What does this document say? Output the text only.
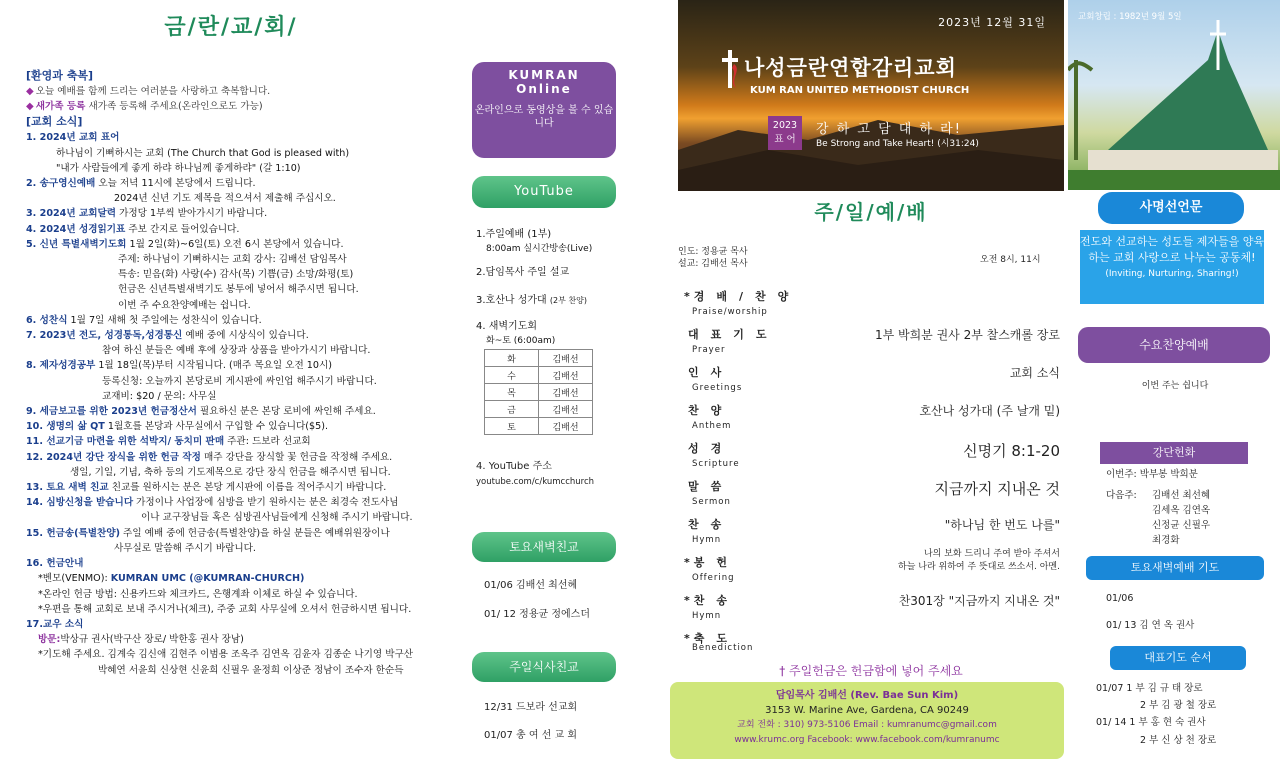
금/란/교/회/
[환영과 축복]
◆ 오늘 예배를 함께 드리는 여러분을 사랑하고 축복합니다.
◆ 새가족 등록 새가족 등록해 주세요(온라인으로도 가능)
[교회 소식]
1. 2024년 교회 표어
하나님이 기뻐하시는 교회 (The Church that God is pleased with)
"내가 사람들에게 좋게 하랴 하나님께 좋게하랴" (갈 1:10)
2. 송구영신예배 오늘 저녁 11시에 본당에서 드립니다.
2024년 신년 기도 제목을 적으셔서 제출해 주십시오.
3. 2024년 교회달력 가정당 1부씩 받아가시기 바랍니다.
4. 2024년 성경읽기표 주보 간지로 들어있습니다.
5. 신년 특별새벽기도회 1월 2일(화)~6일(토) 오전 6시 본당에서 있습니다.
주제: 하나님이 기뻐하시는 교회 강사: 김배선 담임목사
특송: 믿음(화) 사랑(수) 감사(목) 기쁨(금) 소망/화평(토)
헌금은 신년특별새벽기도 봉투에 넣어서 해주시면 됩니다.
이번 주 수요찬양예배는 쉽니다.
6. 성찬식 1월 7일 새해 첫 주일에는 성찬식이 있습니다.
7. 2023년 전도, 성경통독,성경통신 예배 중에 시상식이 있습니다.
참여 하신 분들은 예배 후에 상장과 상품을 받아가시기 바랍니다.
8. 제자성경공부 1월 18일(목)부터 시작됩니다. (매주 목요일 오전 10시)
등록신청: 오늘까지 본당로비 게시판에 싸인업 해주시기 바랍니다.
교재비: $20 / 문의: 사무실
9. 세금보고를 위한 2023년 헌금정산서 필요하신 분은 본당 로비에 싸인해 주세요.
10. 생명의 삶 QT 1월호를 본당과 사무실에서 구입할 수 있습니다($5).
11. 선교기금 마련을 위한 석박지/ 동치미 판매 주관: 드보라 선교회
12. 2024년 강단 장식을 위한 헌금 작정 매주 강단을 장식할 꽃 헌금을 작정해 주세요.
생일, 기일, 기념, 축하 등의 기도제목으로 강단 장식 헌금을 해주시면 됩니다.
13. 토요 새벽 친교 친교를 원하시는 분은 본당 게시판에 이름을 적어주시기 바랍니다.
14. 심방신청을 받습니다 가정이나 사업장에 심방을 받기 원하시는 분은 최경숙 전도사님
이나 교구장님들 혹은 심방권사님들에게 신청해 주시기 바랍니다.
15. 헌금송(특별찬양) 주일 예배 중에 헌금송(특별찬양)을 하실 분들은 예배위원장이나
사무실로 말씀해 주시기 바랍니다.
16. 헌금안내
*벤모(VENMO): KUMRAN UMC (@KUMRAN-CHURCH)
*온라인 헌금 방법: 신용카드와 체크카드, 은행계좌 이체로 하실 수 있습니다.
*우편을 통해 교회로 보내 주시거나(체크), 주중 교회 사무실에 오셔서 헌금하시면 됩니다.
17.교우 소식
방문:박상규 권사(박구산 장로/ 박한홍 권사 장남)
*기도해 주세요. 김계숙 김신애 김현주 이범용 조옥주 김연옥 김윤자 김종순 나기영 박구산
박혜연 서윤희 신상현 신윤희 신필우 윤정희 이상준 정남이 조수자 한순득
KUMRAN
Online
온라인으로 동영상을 볼 수 있습니다
YouTube
1.주일예배 (1부)
8:00am 실시간방송(Live)
2.담임목사 주일 설교
3.호산나 성가대 (2부 찬양)
4. 새벽기도회
화~토 (6:00am)
화	김배선
수	김배선
목	김배선
금	김배선
토	김배선
4. YouTube 주소
youtube.com/c/kumcchurch
토요새벽친교
01/06 김배선 최선혜
01/ 12 정용균 정에스더
주일식사친교
12/31 드보라 선교회
01/07 총 여 선 교 회
2023년 12월 31일
나성금란연합감리교회
KUM RAN UNITED METHODIST CHURCH
2023 표 어
강 하 고 담 대 하 라!
Be Strong and Take Heart! (시31:24)
주/일/예/배
인도: 정용균 목사
설교: 김배선 목사	오전 8시, 11시
* 경배/찬양
Praise/worship
대표기도
Prayer
1부 박희분 권사 2부 찰스캐롤 장로
인사
Greetings
교회 소식
찬양
Anthem
호산나 성가대 (주 날개 밑)
성경
Scripture
신명기 8:1-20
말씀
Sermon
지금까지 지내온 것
찬송
Hymn
"하나님 한 번도 나를"
* 봉헌
Offering
나의 보화 드리니 주여 받아 주셔서
하늘 나라 위하여 주 뜻대로 쓰소서. 아멘.
* 찬송
Hymn
찬301장 "지금까지 지내온 것"
* 축도
Benediction
† 주일헌금은 헌금함에 넣어 주세요
담임목사 김배선 (Rev. Bae Sun Kim)
3153 W. Marine Ave, Gardena, CA 90249
교회 전화 : 310) 973-5106 Email : kumranumc@gmail.com
www.krumc.org Facebook: www.facebook.com/kumranumc
교회창립 : 1982년 9월 5일
사명선언문
전도와 선교하는 성도들 제자들을 양육하는 교회 사랑으로 나누는 공동체!
(Inviting, Nurturing, Sharing!)
수요찬양예배
이번 주는 쉽니다
강단헌화
이번주: 박부봉 박희분
다음주: 김배선 최선혜
김세옥 김연옥
신정균 신필우
최경화
토요새벽예배 기도
01/06
01/ 13 김 연 옥 권사
대표기도 순서
01/07 1 부 김 규 태 장로
2 부 김 광 철 장로
01/ 14 1 부 홍 현 숙 권사
2 부 신 상 천 장로
